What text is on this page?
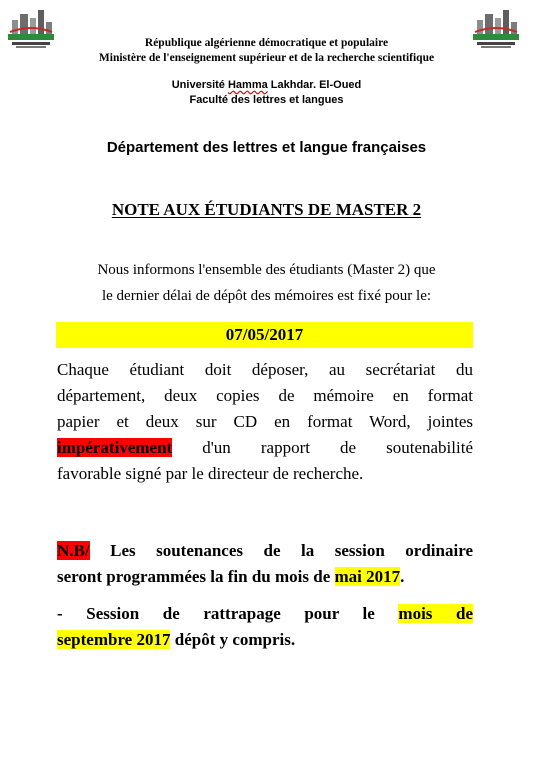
République algérienne démocratique et populaire
Ministère de l'enseignement supérieur et de la recherche scientifique
Université Hamma Lakhdar. El-Oued
Faculté des lettres et langues
Département des lettres et langue françaises
NOTE AUX ÉTUDIANTS DE MASTER 2
Nous informons l'ensemble des étudiants (Master 2) que
le dernier délai de dépôt des mémoires est fixé pour le:
07/05/2017
Chaque étudiant doit déposer, au secrétariat du
département, deux copies de mémoire en format
papier et deux sur CD en format Word, jointes
impérativement d'un rapport de soutenabilité
favorable signé par le directeur de recherche.
N.B/ Les soutenances de la session ordinaire
seront programmées la fin du mois de mai 2017.
- Session de rattrapage pour le mois de
septembre 2017 dépôt y compris.
